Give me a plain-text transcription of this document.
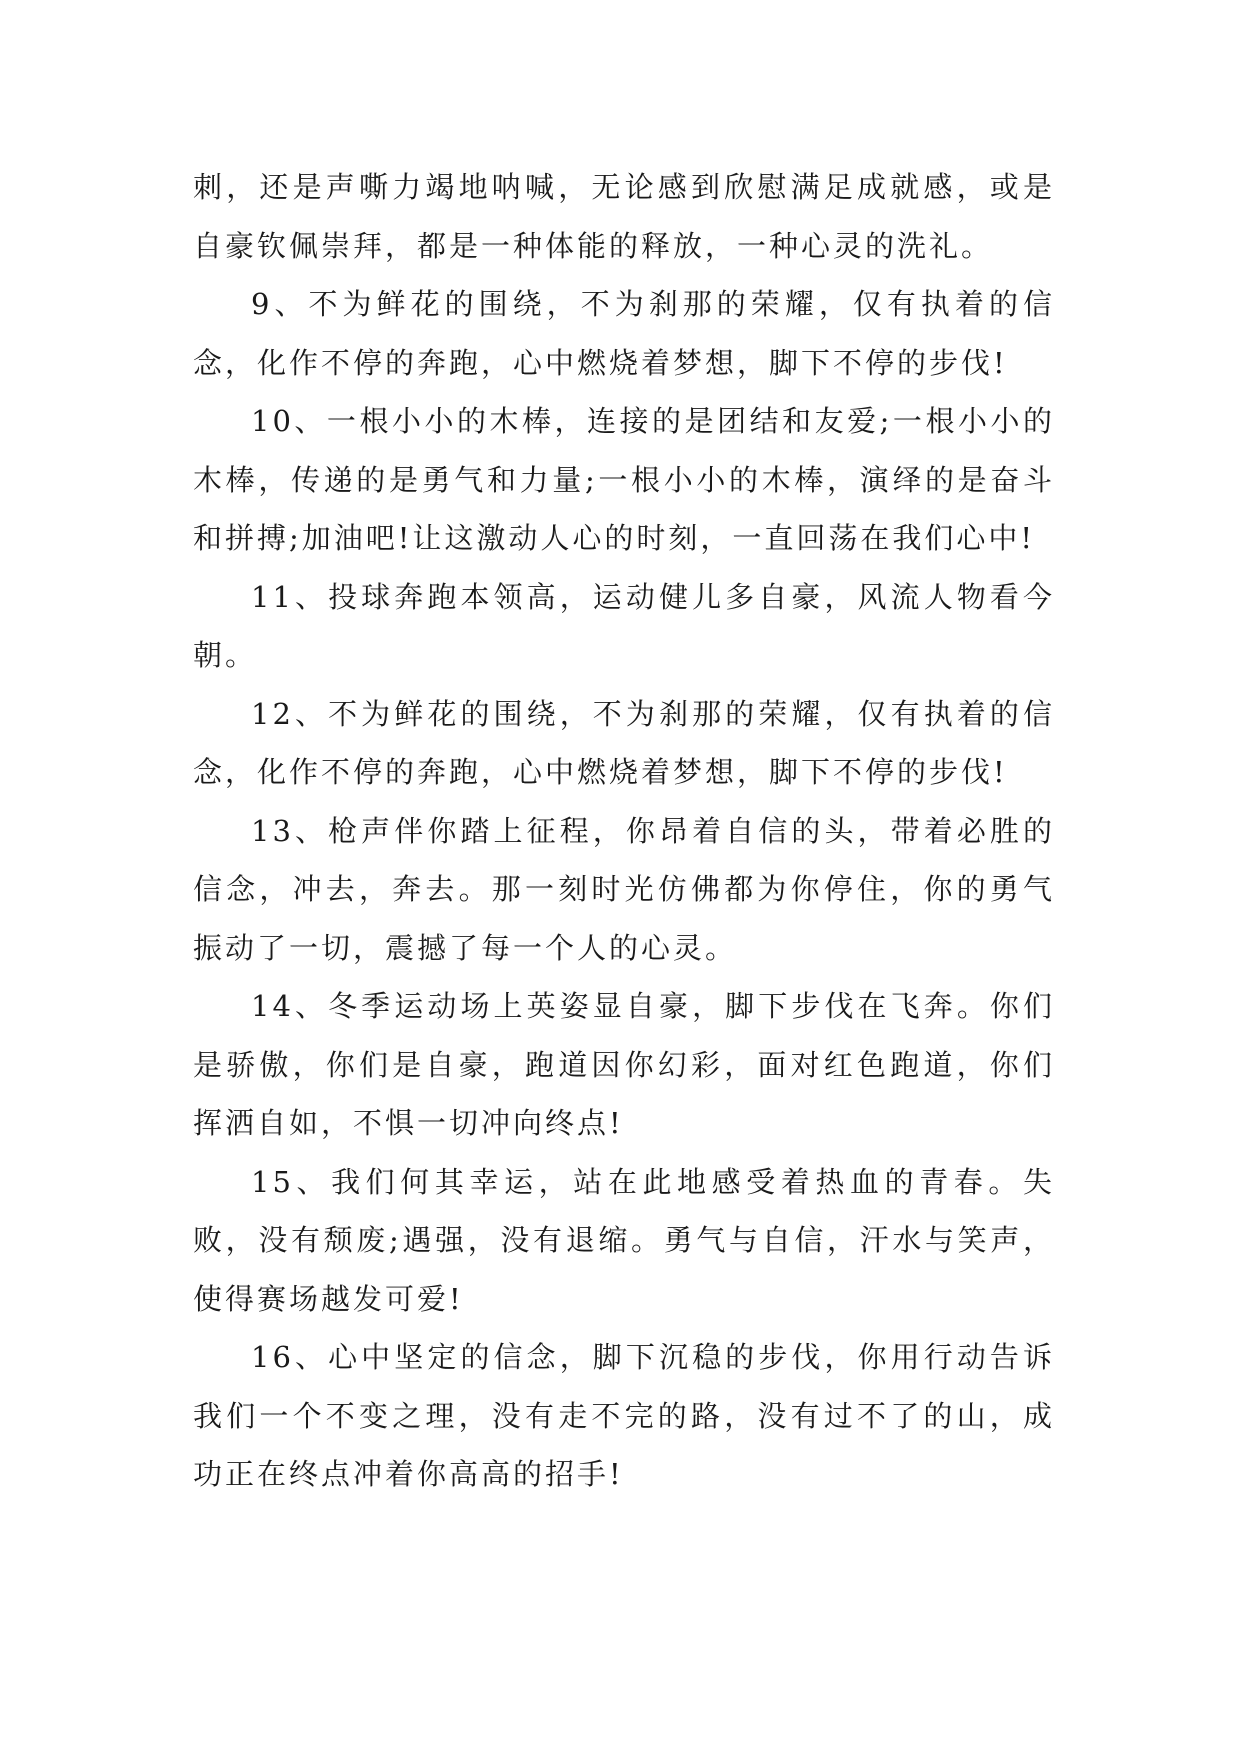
刺，还是声嘶力竭地呐喊，无论感到欣慰满足成就感，或是自豪钦佩崇拜，都是一种体能的释放，一种心灵的洗礼。

9、不为鲜花的围绕，不为刹那的荣耀，仅有执着的信念，化作不停的奔跑，心中燃烧着梦想，脚下不停的步伐!

10、一根小小的木棒，连接的是团结和友爱;一根小小的木棒，传递的是勇气和力量;一根小小的木棒，演绎的是奋斗和拼搏;加油吧!让这激动人心的时刻，一直回荡在我们心中!

11、投球奔跑本领高，运动健儿多自豪，风流人物看今朝。

12、不为鲜花的围绕，不为刹那的荣耀，仅有执着的信念，化作不停的奔跑，心中燃烧着梦想，脚下不停的步伐!

13、枪声伴你踏上征程，你昂着自信的头，带着必胜的信念，冲去，奔去。那一刻时光仿佛都为你停住，你的勇气振动了一切，震撼了每一个人的心灵。

14、冬季运动场上英姿显自豪，脚下步伐在飞奔。你们是骄傲，你们是自豪，跑道因你幻彩，面对红色跑道，你们挥洒自如，不惧一切冲向终点!

15、我们何其幸运，站在此地感受着热血的青春。失败，没有颓废;遇强，没有退缩。勇气与自信，汗水与笑声，使得赛场越发可爱!

16、心中坚定的信念，脚下沉稳的步伐，你用行动告诉我们一个不变之理，没有走不完的路，没有过不了的山，成功正在终点冲着你高高的招手!
